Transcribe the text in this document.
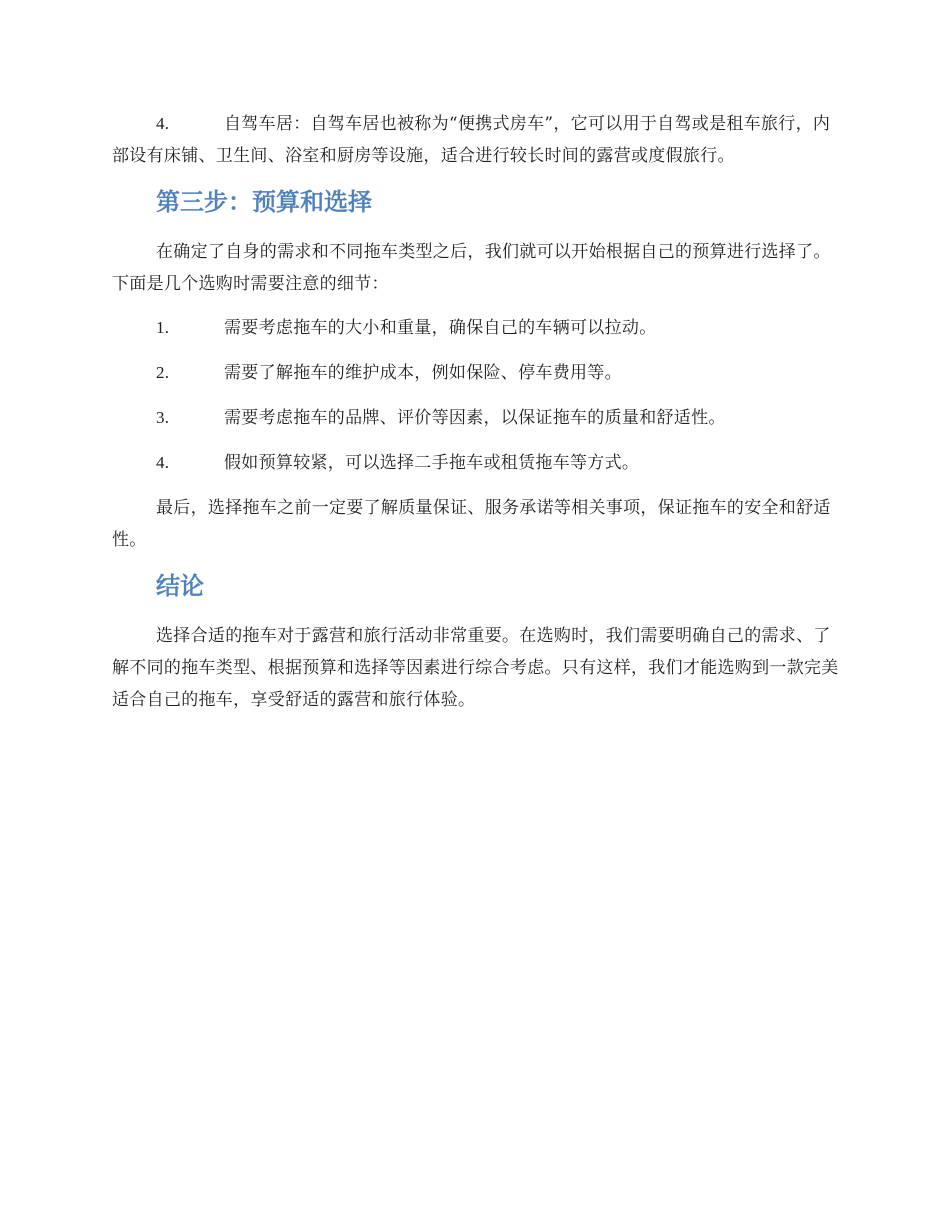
4.	自驾车居：自驾车居也被称为“便携式房车”，它可以用于自驾或是租车旅行，内部设有床铺、卫生间、浴室和厨房等设施，适合进行较长时间的露营或度假旅行。
第三步：预算和选择

在确定了自身的需求和不同拖车类型之后，我们就可以开始根据自己的预算进行选择了。下面是几个选购时需要注意的细节：

1.	需要考虑拖车的大小和重量，确保自己的车辆可以拉动。
2.	需要了解拖车的维护成本，例如保险、停车费用等。
3.	需要考虑拖车的品牌、评价等因素，以保证拖车的质量和舒适性。
4.	假如预算较紧，可以选择二手拖车或租赁拖车等方式。

最后，选择拖车之前一定要了解质量保证、服务承诺等相关事项，保证拖车的安全和舒适性。

结论

选择合适的拖车对于露营和旅行活动非常重要。在选购时，我们需要明确自己的需求、了解不同的拖车类型、根据预算和选择等因素进行综合考虑。只有这样，我们才能选购到一款完美适合自己的拖车，享受舒适的露营和旅行体验。
